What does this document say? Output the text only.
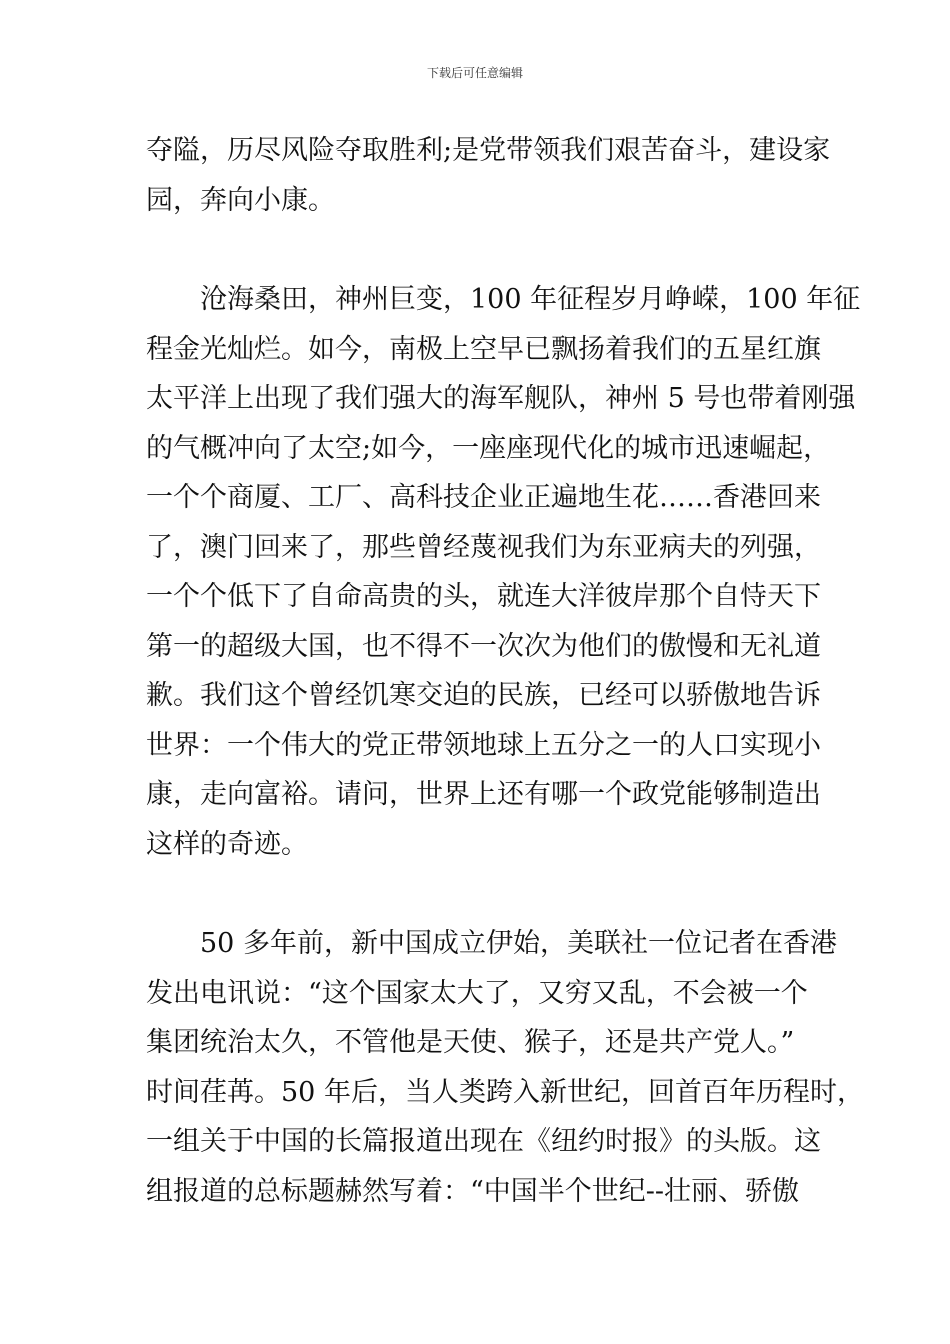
下载后可任意编辑
夺隘，历尽风险夺取胜利;是党带领我们艰苦奋斗，建设家
园，奔向小康。
沧海桑田，神州巨变，100 年征程岁月峥嵘，100 年征
程金光灿烂。如今，南极上空早已飘扬着我们的五星红旗
太平洋上出现了我们强大的海军舰队，神州 5 号也带着刚强
的气概冲向了太空;如今，一座座现代化的城市迅速崛起，
一个个商厦、工厂、高科技企业正遍地生花……香港回来
了，澳门回来了，那些曾经蔑视我们为东亚病夫的列强，
一个个低下了自命高贵的头，就连大洋彼岸那个自恃天下
第一的超级大国，也不得不一次次为他们的傲慢和无礼道
歉。我们这个曾经饥寒交迫的民族，已经可以骄傲地告诉
世界：一个伟大的党正带领地球上五分之一的人口实现小
康，走向富裕。请问，世界上还有哪一个政党能够制造出
这样的奇迹。
50 多年前，新中国成立伊始，美联社一位记者在香港
发出电讯说：“这个国家太大了，又穷又乱，不会被一个
集团统治太久，不管他是天使、猴子，还是共产党人。”
时间荏苒。50 年后，当人类跨入新世纪，回首百年历程时，
一组关于中国的长篇报道出现在《纽约时报》的头版。这
组报道的总标题赫然写着：“中国半个世纪--壮丽、骄傲
